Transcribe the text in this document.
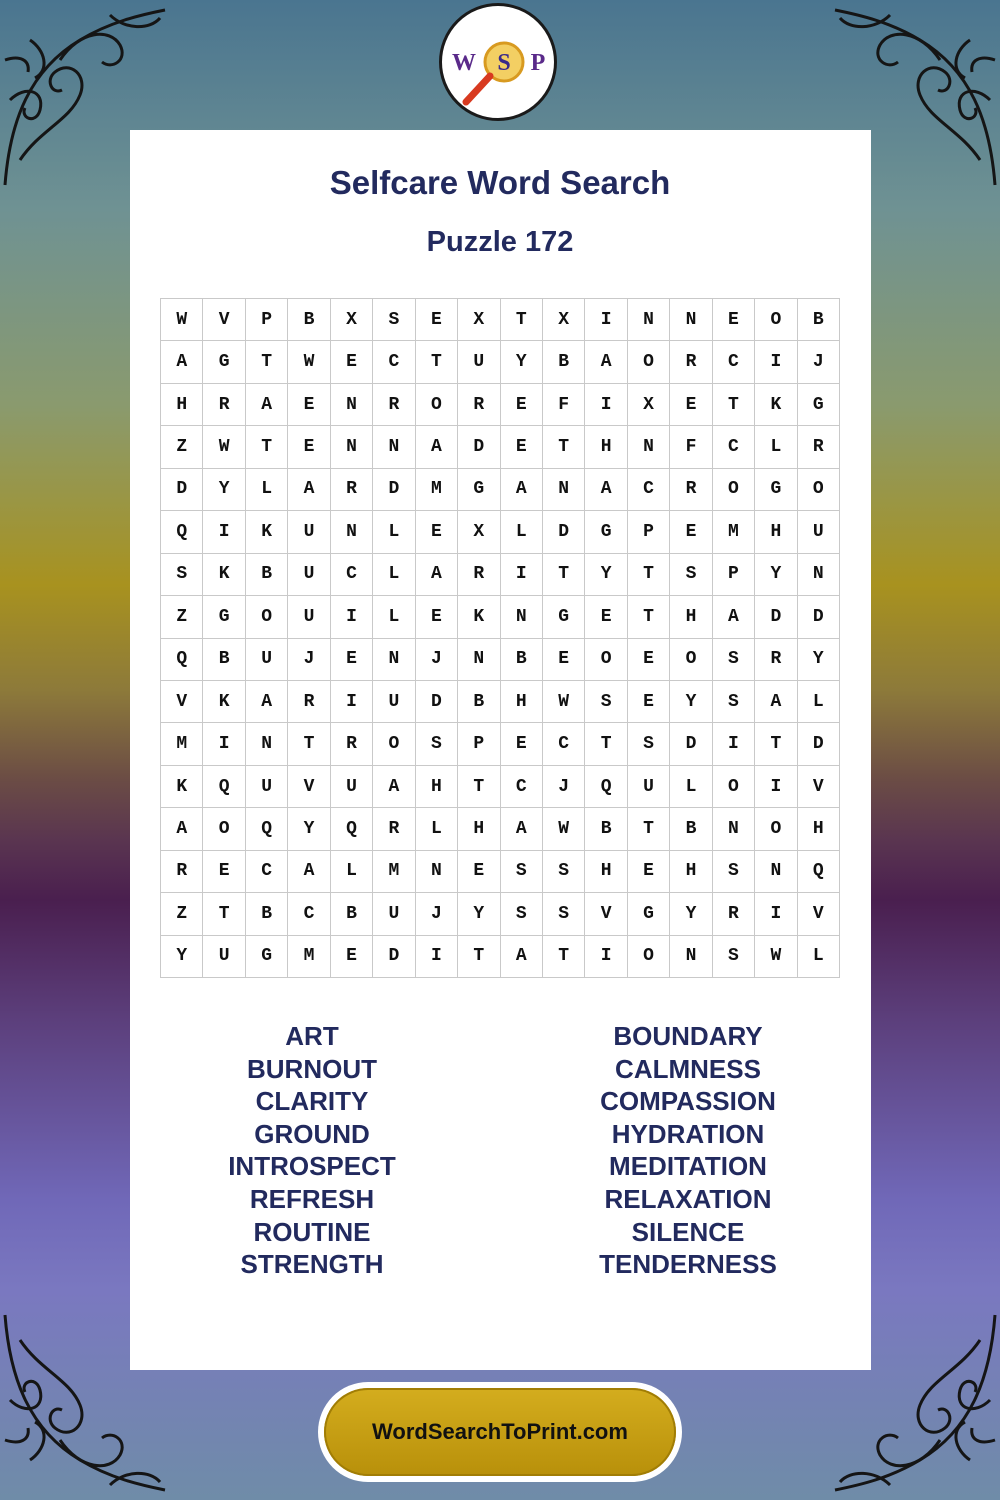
W S P
Selfcare Word Search
Puzzle 172
W	V	P	B	X	S	E	X	T	X	I	N	N	E	O	B
A	G	T	W	E	C	T	U	Y	B	A	O	R	C	I	J
H	R	A	E	N	R	O	R	E	F	I	X	E	T	K	G
Z	W	T	E	N	N	A	D	E	T	H	N	F	C	L	R
D	Y	L	A	R	D	M	G	A	N	A	C	R	O	G	O
Q	I	K	U	N	L	E	X	L	D	G	P	E	M	H	U
S	K	B	U	C	L	A	R	I	T	Y	T	S	P	Y	N
Z	G	O	U	I	L	E	K	N	G	E	T	H	A	D	D
Q	B	U	J	E	N	J	N	B	E	O	E	O	S	R	Y
V	K	A	R	I	U	D	B	H	W	S	E	Y	S	A	L
M	I	N	T	R	O	S	P	E	C	T	S	D	I	T	D
K	Q	U	V	U	A	H	T	C	J	Q	U	L	O	I	V
A	O	Q	Y	Q	R	L	H	A	W	B	T	B	N	O	H
R	E	C	A	L	M	N	E	S	S	H	E	H	S	N	Q
Z	T	B	C	B	U	J	Y	S	S	V	G	Y	R	I	V
Y	U	G	M	E	D	I	T	A	T	I	O	N	S	W	L
ART
BURNOUT
CLARITY
GROUND
INTROSPECT
REFRESH
ROUTINE
STRENGTH
BOUNDARY
CALMNESS
COMPASSION
HYDRATION
MEDITATION
RELAXATION
SILENCE
TENDERNESS
WordSearchToPrint.com
